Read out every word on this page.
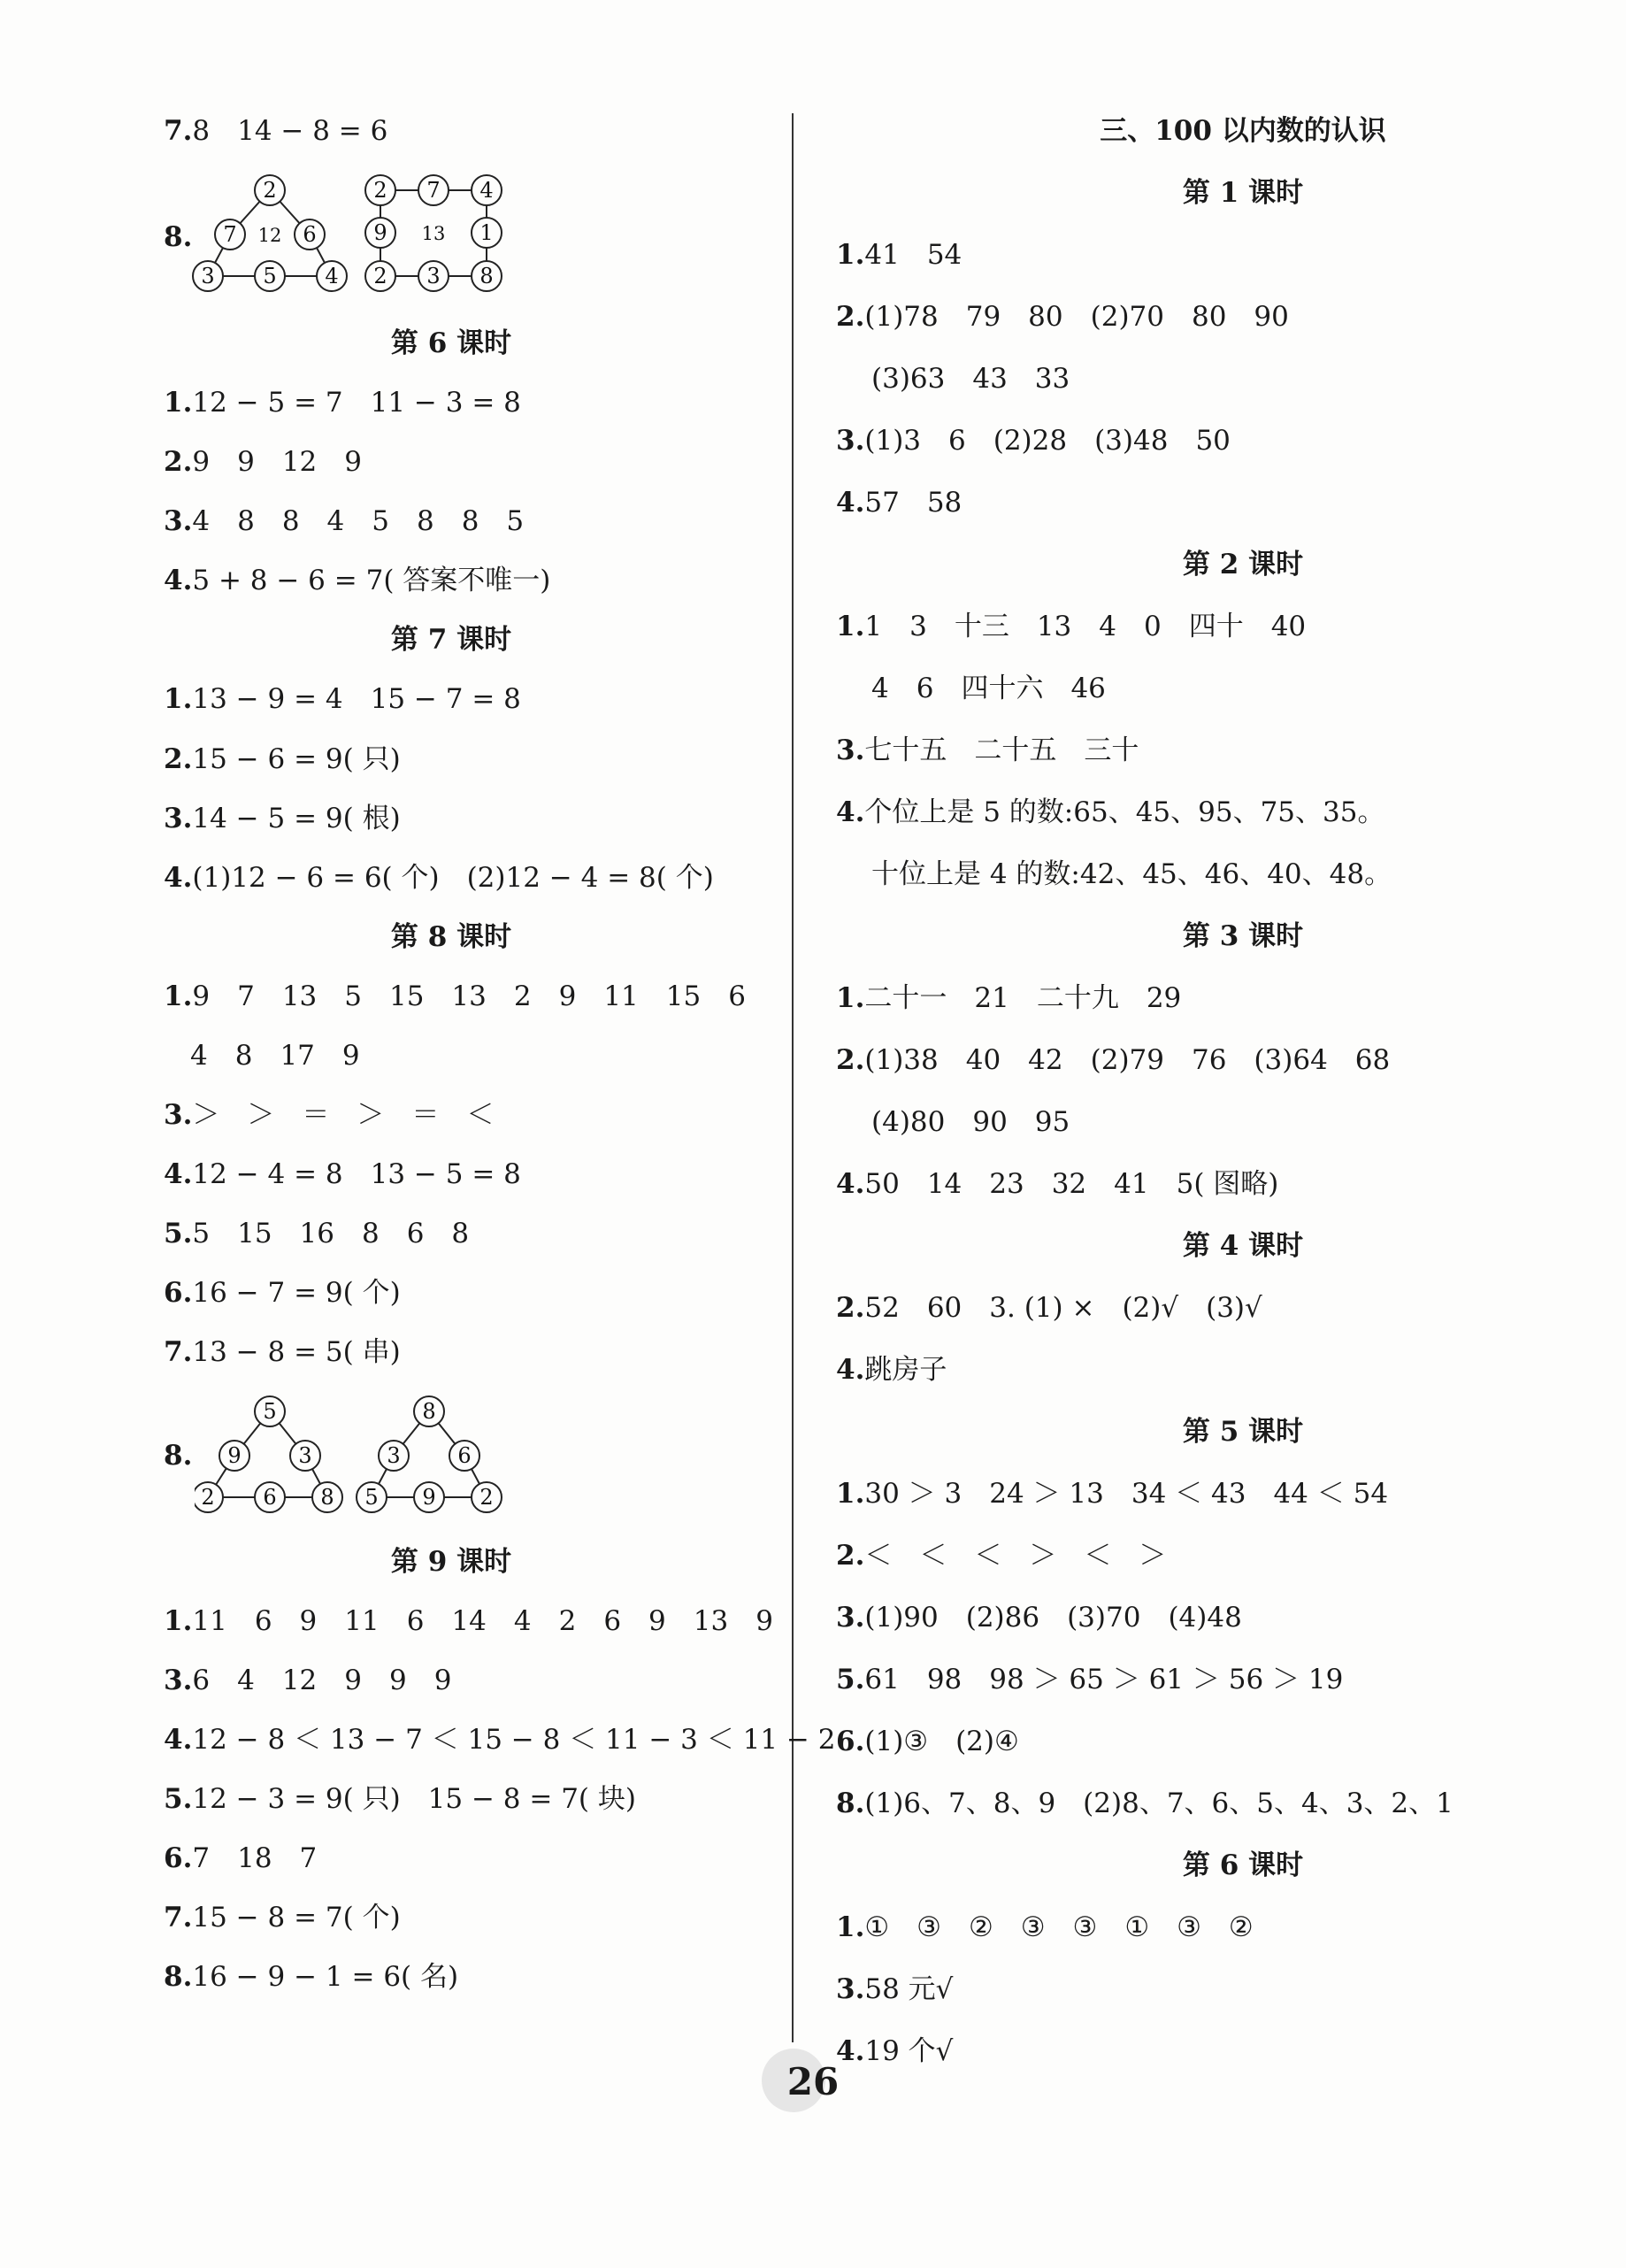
7.8　14 − 8 = 6
8.
2
7	6
12
3 5 4
2 7 4
9 13 1
2 3 8
第 6 课时
1.12 − 5 = 7　11 − 3 = 8
2.9　9　12　9
3.4　8　8　4　5　8　8　5
4.5 + 8 − 6 = 7( 答案不唯一)
第 7 课时
1.13 − 9 = 4　15 − 7 = 8
2.15 − 6 = 9( 只)
3.14 − 5 = 9( 根)
4.(1)12 − 6 = 6( 个)　(2)12 − 4 = 8( 个)
第 8 课时
1.9　7　13　5　15　13　2　9　11　15　6
4　8　17　9
3.＞　＞　＝　＞　＝　＜
4.12 − 4 = 8　13 − 5 = 8
5.5　15　16　8　6　8
6.16 − 7 = 9( 个)
7.13 − 8 = 5( 串)
8.
5
9	3
2 6 8
8
3	6
5 9 2
第 9 课时
1.11　6　9　11　6　14　4　2　6　9　13　9
3.6　4　12　9　9　9
4.12 − 8 ＜ 13 − 7 ＜ 15 − 8 ＜ 11 − 3 ＜ 11 − 2
5.12 − 3 = 9( 只)　15 − 8 = 7( 块)
6.7　18　7
7.15 − 8 = 7( 个)
8.16 − 9 − 1 = 6( 名)
三、100 以内数的认识
第 1 课时
1.41　54
2.(1)78　79　80　(2)70　80　90
(3)63　43　33
3.(1)3　6　(2)28　(3)48　50
4.57　58
第 2 课时
1.1　3　十三　13　4　0　四十　40
4　6　四十六　46
3.七十五　二十五　三十
4.个位上是 5 的数:65、45、95、75、35。
十位上是 4 的数:42、45、46、40、48。
第 3 课时
1.二十一　21　二十九　29
2.(1)38　40　42　(2)79　76　(3)64　68
(4)80　90　95
4.50　14　23　32　41　5( 图略)
第 4 课时
2.52　60　3. (1) ×　(2)√　(3)√
4.跳房子
第 5 课时
1.30 ＞ 3　24 ＞ 13　34 ＜ 43　44 ＜ 54
2.＜　＜　＜　＞　＜　＞
3.(1)90　(2)86　(3)70　(4)48
5.61　98　98 ＞ 65 ＞ 61 ＞ 56 ＞ 19
6.(1)③　(2)④
8.(1)6、7、8、9　(2)8、7、6、5、4、3、2、1
第 6 课时
1.①　③　②　③　③　①　③　②
3.58 元√
4.19 个√
26
